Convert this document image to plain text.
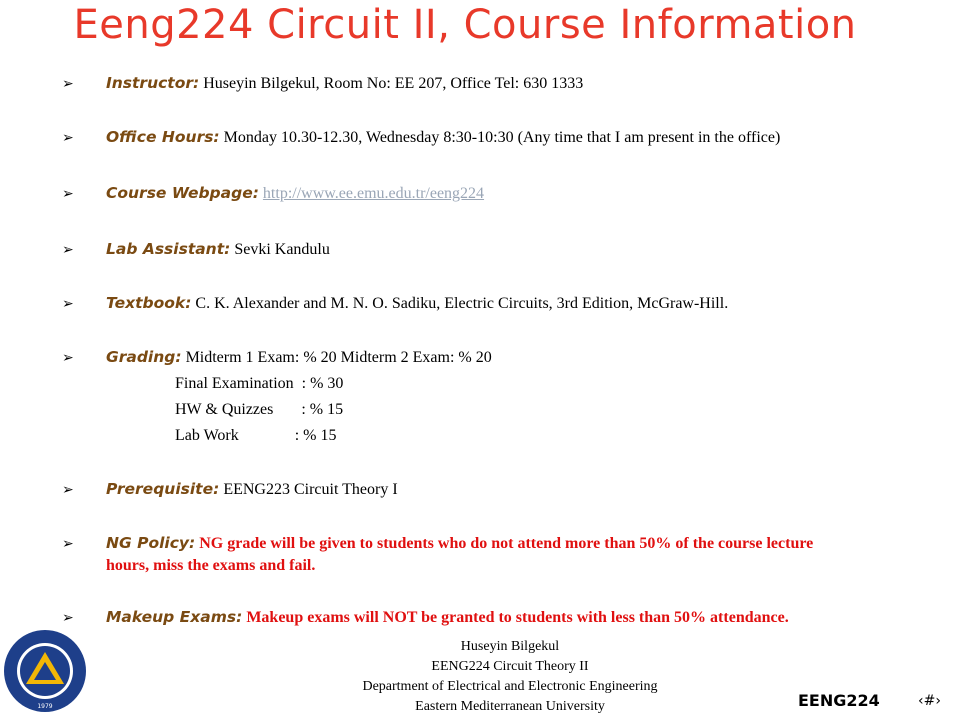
Eeng224 Circuit II, Course Information
➢ Instructor: Huseyin Bilgekul, Room No: EE 207, Office Tel: 630 1333
➢ Office Hours: Monday 10.30-12.30, Wednesday 8:30-10:30 (Any time that I am present in the office)
➢ Course Webpage: http://www.ee.emu.edu.tr/eeng224
➢ Lab Assistant: Sevki Kandulu
➢ Textbook: C. K. Alexander and M. N. O. Sadiku, Electric Circuits, 3rd Edition, McGraw-Hill.
➢ Grading: Midterm 1 Exam: % 20 Midterm 2 Exam: % 20
Final Examination  : % 30
HW & Quizzes       : % 15
Lab Work              : % 15
➢ Prerequisite: EENG223 Circuit Theory I
➢ NG Policy: NG grade will be given to students who do not attend more than 50% of the course lecture
hours, miss the exams and fail.
➢ Makeup Exams: Makeup exams will NOT be granted to students with less than 50% attendance.
1979
Huseyin Bilgekul
EENG224 Circuit Theory II
Department of Electrical and Electronic Engineering
Eastern Mediterranean University	EENG224	‹#›
